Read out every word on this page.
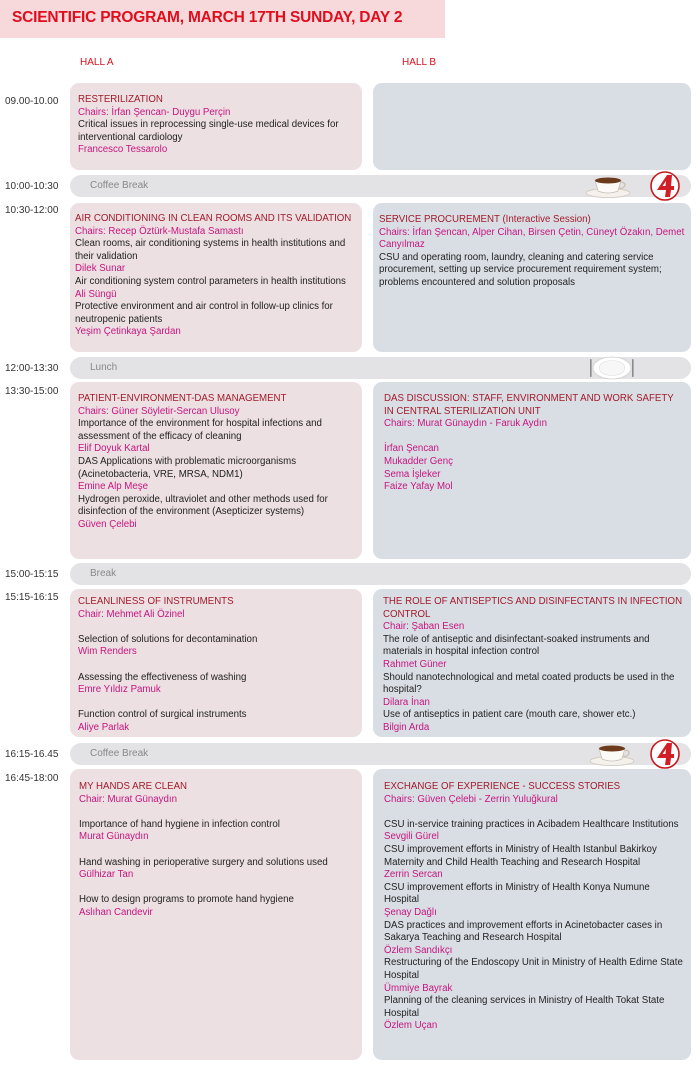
SCIENTIFIC PROGRAM, MARCH 17TH SUNDAY, DAY 2
HALL A	HALL B
09.00-10.00
10:00-10:30
10:30-12:00
12:00-13:30
13:30-15:00
15:00-15:15
15:15-16:15
16:15-16.45
16:45-18:00
Coffee Break
Lunch
Break
Coffee Break

RESTERILIZATION

Chairs: İrfan Şencan- Duygu Perçin

Critical issues in reprocessing single-use medical devices for interventional cardiology

Francesco Tessarolo

AIR CONDITIONING IN CLEAN ROOMS AND ITS VALIDATION

Chairs: Recep Öztürk-Mustafa Samastı

Clean rooms, air conditioning systems in health institutions and their validation

Dilek Sunar

Air conditioning system control parameters in health institutions

Ali Süngü

Protective environment and air control in follow-up clinics for neutropenic patients

Yeşim Çetinkaya Şardan

SERVICE PROCUREMENT (Interactive Session)

Chairs: İrfan Şencan, Alper Cihan, Birsen Çetin, Cüneyt Özakın, Demet Canyılmaz

CSU and operating room, laundry, cleaning and catering service procurement, setting up service procurement requirement system; problems encountered and solution proposals

PATIENT-ENVIRONMENT-DAS MANAGEMENT

Chairs: Güner Söyletir-Sercan Ulusoy

Importance of the environment for hospital infections and assessment of the efficacy of cleaning

Elif Doyuk Kartal

DAS Applications with problematic microorganisms (Acinetobacteria, VRE, MRSA, NDM1)

Emine Alp Meşe

Hydrogen peroxide, ultraviolet and other methods used for disinfection of the environment (Asepticizer systems)

Güven Çelebi

DAS DISCUSSION: STAFF, ENVIRONMENT AND WORK SAFETY IN CENTRAL STERILIZATION UNIT

Chairs: Murat Günaydın - Faruk Aydın

İrfan Şencan

Mukadder Genç

Sema İşleker

Faize Yafay Mol

CLEANLINESS OF INSTRUMENTS

Chair: Mehmet Ali Özinel

Selection of solutions for decontamination

Wim Renders

Assessing the effectiveness of washing

Emre Yıldız Pamuk

Function control of surgical instruments

Aliye Parlak

THE ROLE OF ANTISEPTICS AND DISINFECTANTS IN INFECTION CONTROL

Chair: Şaban Esen

The role of antiseptic and disinfectant-soaked instruments and materials in hospital infection control

Rahmet Güner

Should nanotechnological and metal coated products be used in the hospital?

Dilara İnan

Use of antiseptics in patient care (mouth care, shower etc.)

Bilgin Arda

MY HANDS ARE CLEAN

Chair: Murat Günaydın

Importance of hand hygiene in infection control

Murat Günaydın

Hand washing in perioperative surgery and solutions used

Gülhizar Tan

How to design programs to promote hand hygiene

Aslıhan Candevir

EXCHANGE OF EXPERIENCE - SUCCESS STORIES

Chairs: Güven Çelebi - Zerrin Yuluğkural

CSU in-service training practices in Acibadem Healthcare Institutions

Sevgili Gürel

CSU improvement efforts in Ministry of Health Istanbul Bakirkoy Maternity and Child Health Teaching and Research Hospital

Zerrin Sercan

CSU improvement efforts in Ministry of Health Konya Numune Hospital

Şenay Dağlı

DAS practices and improvement efforts in Acinetobacter cases in Sakarya Teaching and Research Hospital

Özlem Sandıkçı

Restructuring of the Endoscopy Unit in Ministry of Health Edirne State Hospital

Ümmiye Bayrak

Planning of the cleaning services in Ministry of Health Tokat State Hospital

Özlem Uçan
